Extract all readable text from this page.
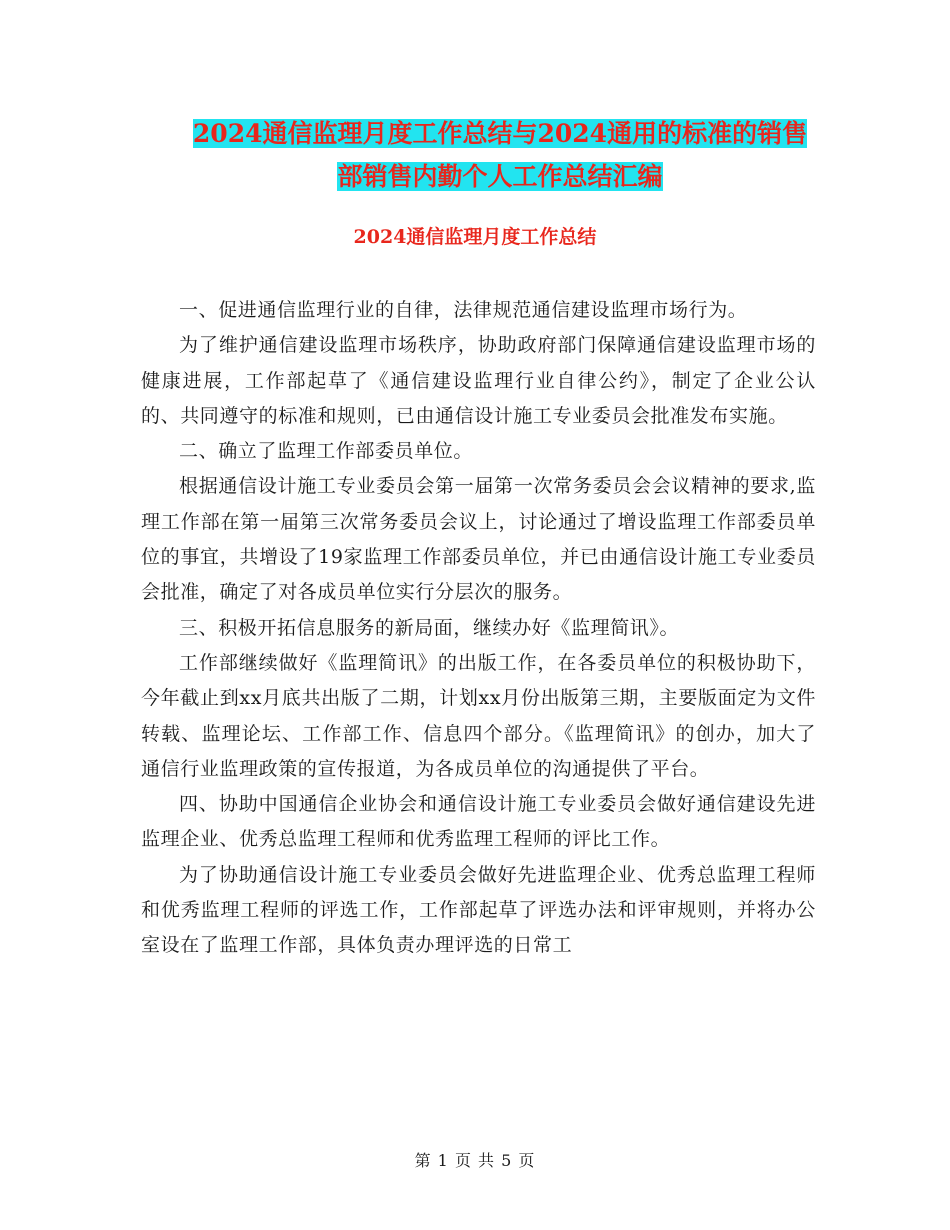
2024通信监理月度工作总结与2024通用的标准的销售
部销售内勤个人工作总结汇编
2024通信监理月度工作总结

一、促进通信监理行业的自律，法律规范通信建设监理市场行为。

为了维护通信建设监理市场秩序，协助政府部门保障通信建设监理市场的健康进展，工作部起草了《通信建设监理行业自律公约》，制定了企业公认的、共同遵守的标准和规则，已由通信设计施工专业委员会批准发布实施。

二、确立了监理工作部委员单位。

根据通信设计施工专业委员会第一届第一次常务委员会会议精神的要求,监理工作部在第一届第三次常务委员会议上，讨论通过了增设监理工作部委员单位的事宜，共增设了19家监理工作部委员单位，并已由通信设计施工专业委员会批准，确定了对各成员单位实行分层次的服务。

三、积极开拓信息服务的新局面，继续办好《监理简讯》。

工作部继续做好《监理简讯》的出版工作，在各委员单位的积极协助下，今年截止到xx月底共出版了二期，计划xx月份出版第三期，主要版面定为文件转载、监理论坛、工作部工作、信息四个部分。《监理简讯》的创办，加大了通信行业监理政策的宣传报道，为各成员单位的沟通提供了平台。

四、协助中国通信企业协会和通信设计施工专业委员会做好通信建设先进监理企业、优秀总监理工程师和优秀监理工程师的评比工作。

为了协助通信设计施工专业委员会做好先进监理企业、优秀总监理工程师和优秀监理工程师的评选工作，工作部起草了评选办法和评审规则，并将办公室设在了监理工作部，具体负责办理评选的日常工

第 1 页 共 5 页
